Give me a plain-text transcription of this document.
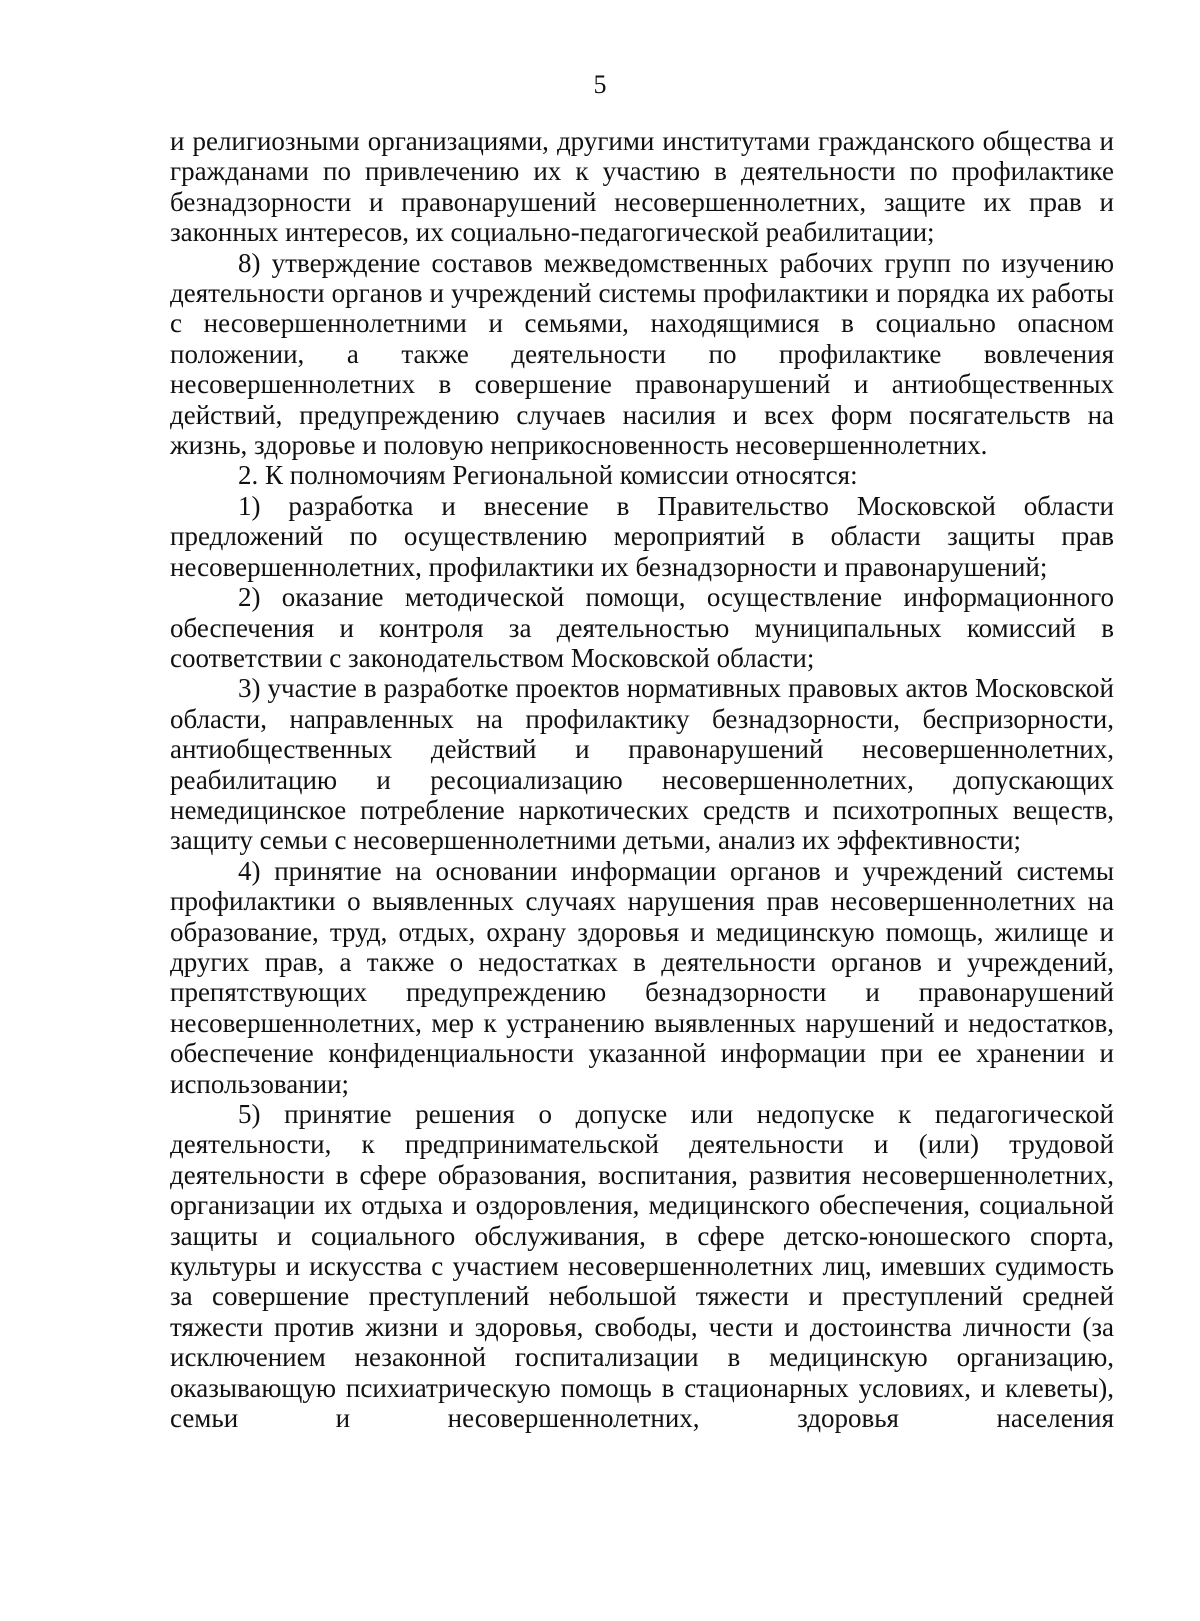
5

и религиозными организациями, другими институтами гражданского общества и гражданами по привлечению их к участию в деятельности по профилактике безнадзорности и правонарушений несовершеннолетних, защите их прав и законных интересов, их социально-педагогической реабилитации;

8) утверждение составов межведомственных рабочих групп по изучению деятельности органов и учреждений системы профилактики и порядка их работы с несовершеннолетними и семьями, находящимися в социально опасном положении, а также деятельности по профилактике вовлечения несовершеннолетних в совершение правонарушений и антиобщественных действий, предупреждению случаев насилия и всех форм посягательств на жизнь, здоровье и половую неприкосновенность несовершеннолетних.

2. К полномочиям Региональной комиссии относятся:

1) разработка и внесение в Правительство Московской области предложений по осуществлению мероприятий в области защиты прав несовершеннолетних, профилактики их безнадзорности и правонарушений;

2) оказание методической помощи, осуществление информационного обеспечения и контроля за деятельностью муниципальных комиссий в соответствии с законодательством Московской области;

3) участие в разработке проектов нормативных правовых актов Московской области, направленных на профилактику безнадзорности, беспризорности, антиобщественных действий и правонарушений несовершеннолетних, реабилитацию и ресоциализацию несовершеннолетних, допускающих немедицинское потребление наркотических средств и психотропных веществ, защиту семьи с несовершеннолетними детьми, анализ их эффективности;

4) принятие на основании информации органов и учреждений системы профилактики о выявленных случаях нарушения прав несовершеннолетних на образование, труд, отдых, охрану здоровья и медицинскую помощь, жилище и других прав, а также о недостатках в деятельности органов и учреждений, препятствующих предупреждению безнадзорности и правонарушений несовершеннолетних, мер к устранению выявленных нарушений и недостатков, обеспечение конфиденциальности указанной информации при ее хранении и использовании;

5) принятие решения о допуске или недопуске к педагогической деятельности, к предпринимательской деятельности и (или) трудовой деятельности в сфере образования, воспитания, развития несовершеннолетних, организации их отдыха и оздоровления, медицинского обеспечения, социальной защиты и социального обслуживания, в сфере детско-юношеского спорта, культуры и искусства с участием несовершеннолетних лиц, имевших судимость за совершение преступлений небольшой тяжести и преступлений средней тяжести против жизни и здоровья, свободы, чести и достоинства личности (за исключением незаконной госпитализации в медицинскую организацию, оказывающую психиатрическую помощь в стационарных условиях, и клеветы), семьи и несовершеннолетних, здоровья населения
